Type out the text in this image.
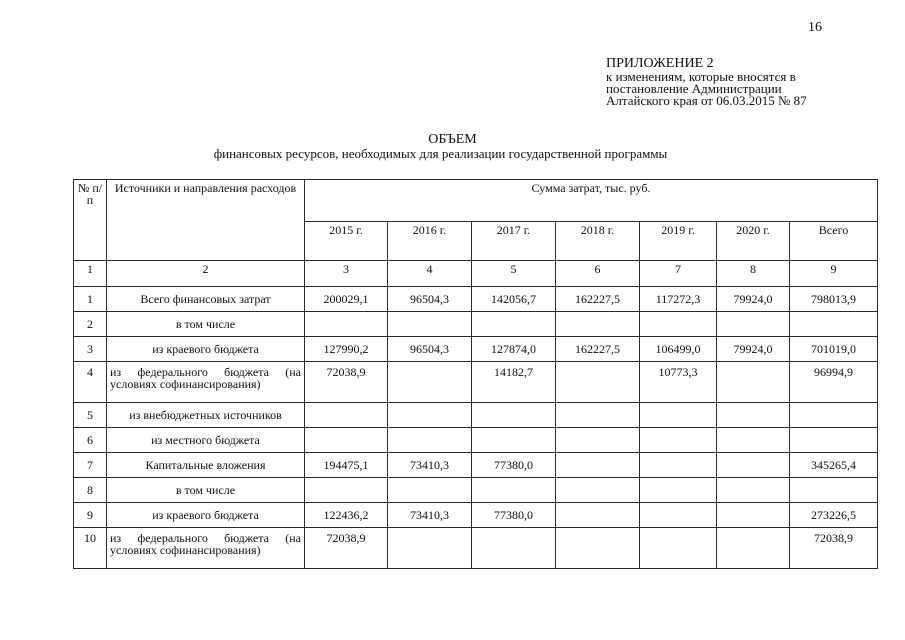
16
ПРИЛОЖЕНИЕ 2
к изменениям, которые вносятся в
постановление Администрации
Алтайского края от 06.03.2015 № 87
ОБЪЕМ
финансовых ресурсов, необходимых для реализации государственной программы
№ п/п	Источники и направления расходов	Сумма затрат, тыс. руб.						
		2015 г.	2016 г.	2017 г.	2018 г.	2019 г.	2020 г.	Всего
1	2	3	4	5	6	7	8	9
1	Всего финансовых затрат	200029,1	96504,3	142056,7	162227,5	117272,3	79924,0	798013,9
2	в том числе							
3	из краевого бюджета	127990,2	96504,3	127874,0	162227,5	106499,0	79924,0	701019,0
4	из федерального бюджета (на условиях софинансирования)	72038,9		14182,7		10773,3		96994,9
5	из внебюджетных источников							
6	из местного бюджета							
7	Капитальные вложения	194475,1	73410,3	77380,0				345265,4
8	в том числе							
9	из краевого бюджета	122436,2	73410,3	77380,0				273226,5
10	из федерального бюджета (на условиях софинансирования)	72038,9						72038,9
